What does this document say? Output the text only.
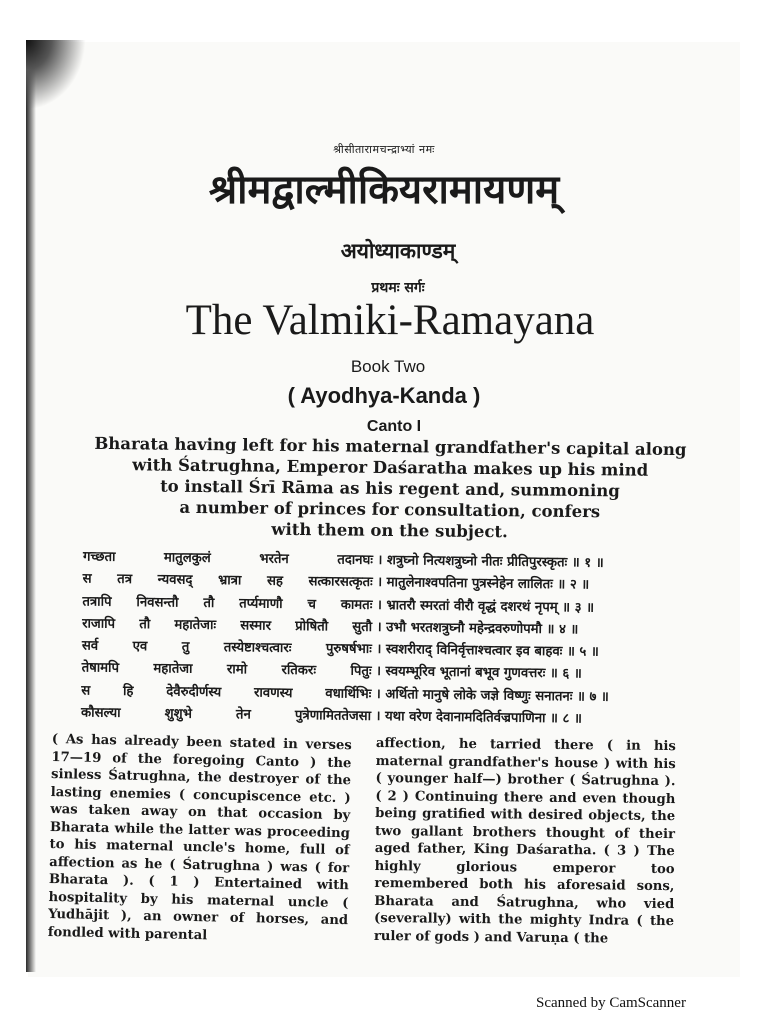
श्रीसीतारामचन्द्राभ्यां नमः
श्रीमद्वाल्मीकियरामायणम्
अयोध्याकाण्डम्
प्रथमः सर्गः
The Valmiki-Ramayana
Book Two
( Ayodhya-Kanda )
Canto I
Bharata having left for his maternal grandfather's capital along
with Śatrughna, Emperor Daśaratha makes up his mind
to install Śrī Rāma as his regent and, summoning
a number of princes for consultation, confers
with them on the subject.
गच्छता मातुलकुलं भरतेन तदानघः । शत्रुघ्नो नित्यशत्रुघ्नो नीतः प्रीतिपुरस्कृतः ॥ १ ॥
स तत्र न्यवसद् भ्रात्रा सह सत्कारसत्कृतः । मातुलेनाश्वपतिना पुत्रस्नेहेन लालितः ॥ २ ॥
तत्रापि निवसन्तौ तौ तर्प्यमाणौ च कामतः । भ्रातरौ स्मरतां वीरौ वृद्धं दशरथं नृपम् ॥ ३ ॥
राजापि तौ महातेजाः सस्मार प्रोषितौ सुतौ । उभौ भरतशत्रुघ्नौ महेन्द्रवरुणोपमौ ॥ ४ ॥
सर्व एव तु तस्येष्टाश्चत्वारः पुरुषर्षभाः । स्वशरीराद् विनिर्वृत्ताश्चत्वार इव बाहवः ॥ ५ ॥
तेषामपि महातेजा रामो रतिकरः पितुः । स्वयम्भूरिव भूतानां बभूव गुणवत्तरः ॥ ६ ॥
स हि देवैरुदीर्णस्य रावणस्य वधार्थिभिः । अर्थितो मानुषे लोके जज्ञे विष्णुः सनातनः ॥ ७ ॥
कौसल्या शुशुभे तेन पुत्रेणामिततेजसा । यथा वरेण देवानामदितिर्वज्रपाणिना ॥ ८ ॥

( As has already been stated in verses 17—19 of the foregoing Canto ) the sinless Śatrughna, the destroyer of the lasting enemies ( concupiscence etc. ) was taken away on that occasion by Bharata while the latter was proceeding to his maternal uncle's home, full of affection as he ( Śatrughna ) was ( for Bharata ). ( 1 ) Entertained with hospitality by his maternal uncle ( Yudhājit ), an owner of horses, and fondled with parental

affection, he tarried there ( in his maternal grandfather's house ) with his ( younger half—) brother ( Śatrughna ). ( 2 ) Continuing there and even though being gratified with desired objects, the two gallant brothers thought of their aged father, King Daśaratha. ( 3 ) The highly glorious emperor too remembered both his aforesaid sons, Bharata and Śatrughna, who vied (severally) with the mighty Indra ( the ruler of gods ) and Varuṇa ( the

Scanned by CamScanner
